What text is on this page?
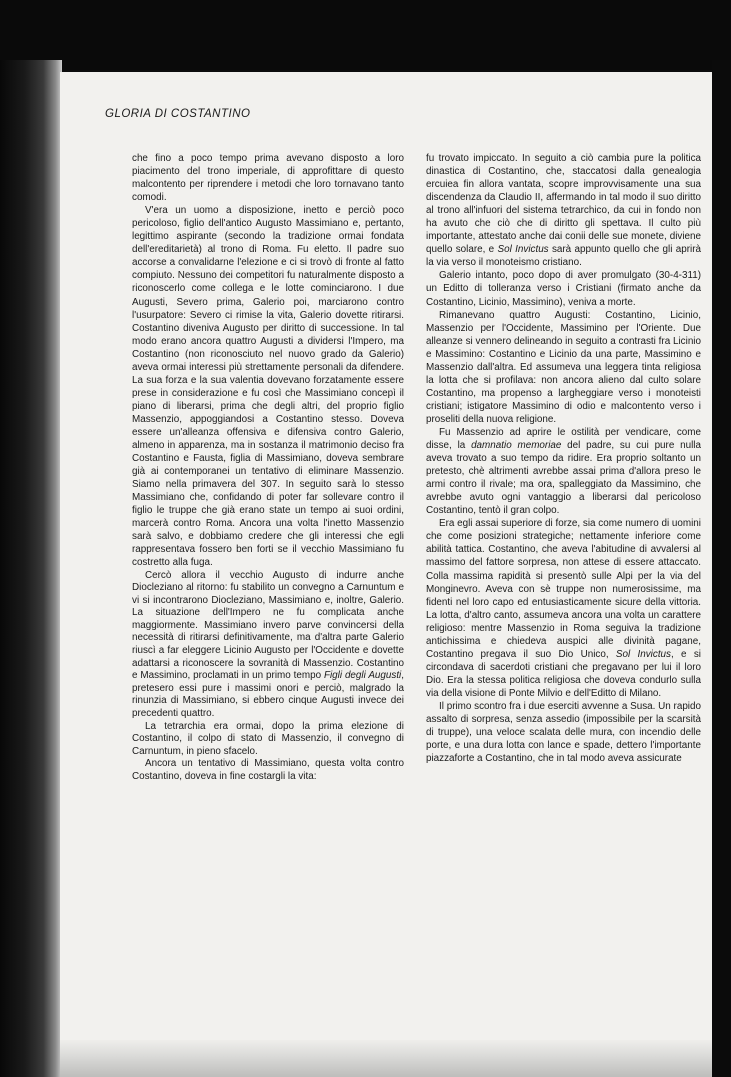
GLORIA DI COSTANTINO

che fino a poco tempo prima avevano disposto a loro piacimento del trono imperiale, di approfittare di questo malcontento per riprendere i metodi che loro tornavano tanto comodi.

V'era un uomo a disposizione, inetto e perciò poco pericoloso, figlio dell'antico Augusto Massimiano e, pertanto, legittimo aspirante (secondo la tradizione ormai fondata dell'ereditarietà) al trono di Roma. Fu eletto. Il padre suo accorse a convalidarne l'elezione e ci si trovò di fronte al fatto compiuto. Nessuno dei competitori fu naturalmente disposto a riconoscerlo come collega e le lotte cominciarono. I due Augusti, Severo prima, Galerio poi, marciarono contro l'usurpatore: Severo ci rimise la vita, Galerio dovette ritirarsi. Costantino diveniva Augusto per diritto di successione. In tal modo erano ancora quattro Augusti a dividersi l'Impero, ma Costantino (non riconosciuto nel nuovo grado da Galerio) aveva ormai interessi più strettamente personali da difendere. La sua forza e la sua valentia dovevano forzatamente essere prese in considerazione e fu così che Massimiano concepì il piano di liberarsi, prima che degli altri, del proprio figlio Massenzio, appoggiandosi a Costantino stesso. Doveva essere un'alleanza offensiva e difensiva contro Galerio, almeno in apparenza, ma in sostanza il matrimonio deciso fra Costantino e Fausta, figlia di Massimiano, doveva sembrare già ai contemporanei un tentativo di eliminare Massenzio. Siamo nella primavera del 307. In seguito sarà lo stesso Massimiano che, confidando di poter far sollevare contro il figlio le truppe che già erano state un tempo ai suoi ordini, marcerà contro Roma. Ancora una volta l'inetto Massenzio sarà salvo, e dobbiamo credere che gli interessi che egli rappresentava fossero ben forti se il vecchio Massimiano fu costretto alla fuga.

Cercò allora il vecchio Augusto di indurre anche Diocleziano al ritorno: fu stabilito un convegno a Carnuntum e vi si incontrarono Diocleziano, Massimiano e, inoltre, Galerio. La situazione dell'Impero ne fu complicata anche maggiormente. Massimiano invero parve convincersi della necessità di ritirarsi definitivamente, ma d'altra parte Galerio riuscì a far eleggere Licinio Augusto per l'Occidente e dovette adattarsi a riconoscere la sovranità di Massenzio. Costantino e Massimino, proclamati in un primo tempo Figli degli Augusti, pretesero essi pure i massimi onori e perciò, malgrado la rinunzia di Massimiano, si ebbero cinque Augusti invece dei precedenti quattro.

La tetrarchia era ormai, dopo la prima elezione di Costantino, il colpo di stato di Massenzio, il convegno di Carnuntum, in pieno sfacelo.

Ancora un tentativo di Massimiano, questa volta contro Costantino, doveva in fine costargli la vita:

fu trovato impiccato. In seguito a ciò cambia pure la politica dinastica di Costantino, che, staccatosi dalla genealogia ercuiea fin allora vantata, scopre improvvisamente una sua discendenza da Claudio II, affermando in tal modo il suo diritto al trono all'infuori del sistema tetrarchico, da cui in fondo non ha avuto che ciò che di diritto gli spettava. Il culto più importante, attestato anche dai conii delle sue monete, diviene quello solare, e Sol Invictus sarà appunto quello che gli aprirà la via verso il monoteismo cristiano.

Galerio intanto, poco dopo di aver promulgato (30-4-311) un Editto di tolleranza verso i Cristiani (firmato anche da Costantino, Licinio, Massimino), veniva a morte.

Rimanevano quattro Augusti: Costantino, Licinio, Massenzio per l'Occidente, Massimino per l'Oriente. Due alleanze si vennero delineando in seguito a contrasti fra Licinio e Massimino: Costantino e Licinio da una parte, Massimino e Massenzio dall'altra. Ed assumeva una leggera tinta religiosa la lotta che si profilava: non ancora alieno dal culto solare Costantino, ma propenso a largheggiare verso i monoteisti cristiani; istigatore Massimino di odio e malcontento verso i proseliti della nuova religione.

Fu Massenzio ad aprire le ostilità per vendicare, come disse, la damnatio memoriae del padre, su cui pure nulla aveva trovato a suo tempo da ridire. Era proprio soltanto un pretesto, chè altrimenti avrebbe assai prima d'allora preso le armi contro il rivale; ma ora, spalleggiato da Massimino, che avrebbe avuto ogni vantaggio a liberarsi dal pericoloso Costantino, tentò il gran colpo.

Era egli assai superiore di forze, sia come numero di uomini che come posizioni strategiche; nettamente inferiore come abilità tattica. Costantino, che aveva l'abitudine di avvalersi al massimo del fattore sorpresa, non attese di essere attaccato. Colla massima rapidità si presentò sulle Alpi per la via del Monginevro. Aveva con sè truppe non numerosissime, ma fidenti nel loro capo ed entusiasticamente sicure della vittoria. La lotta, d'altro canto, assumeva ancora una volta un carattere religioso: mentre Massenzio in Roma seguiva la tradizione antichissima e chiedeva auspici alle divinità pagane, Costantino pregava il suo Dio Unico, Sol Invictus, e si circondava di sacerdoti cristiani che pregavano per lui il loro Dio. Era la stessa politica religiosa che doveva condurlo sulla via della visione di Ponte Milvio e dell'Editto di Milano.

Il primo scontro fra i due eserciti avvenne a Susa. Un rapido assalto di sorpresa, senza assedio (impossibile per la scarsità di truppe), una veloce scalata delle mura, con incendio delle porte, e una dura lotta con lance e spade, dettero l'importante piazzaforte a Costantino, che in tal modo aveva assicurate
